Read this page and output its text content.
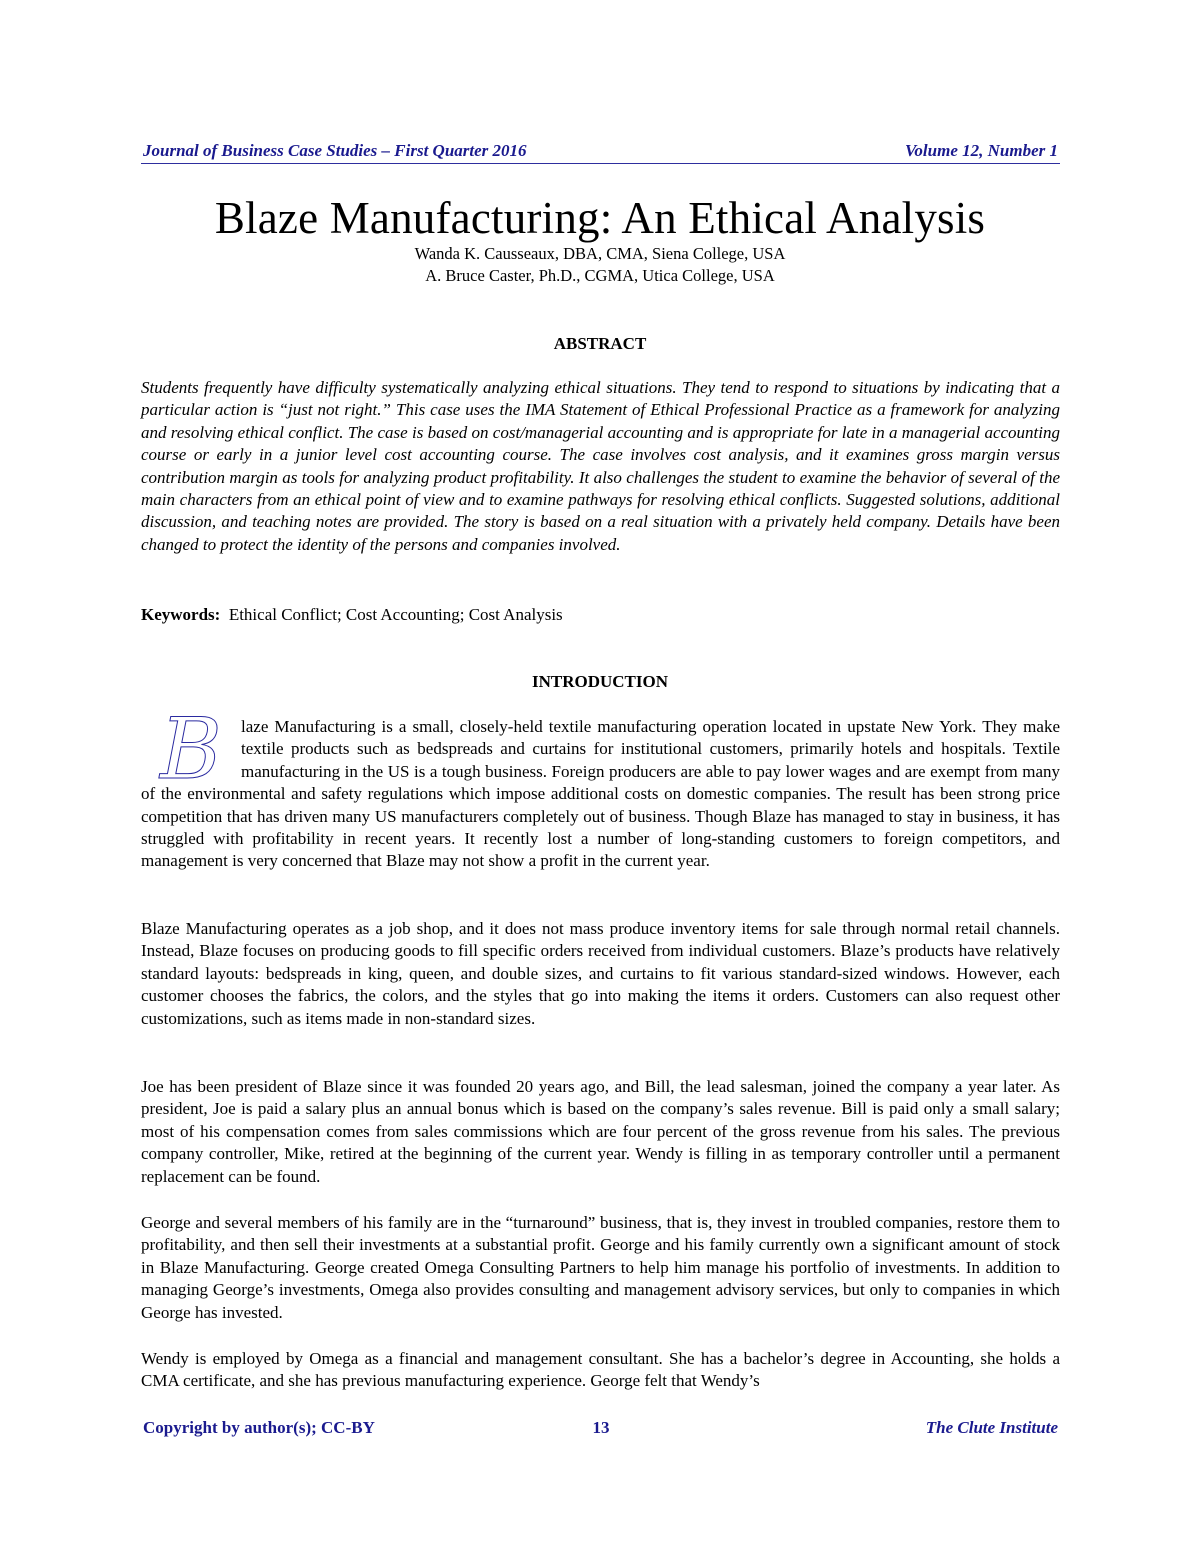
Journal of Business Case Studies – First Quarter 2016	Volume 12, Number 1
Blaze Manufacturing: An Ethical Analysis
Wanda K. Causseaux, DBA, CMA, Siena College, USA
A. Bruce Caster, Ph.D., CGMA, Utica College, USA
ABSTRACT

Students frequently have difficulty systematically analyzing ethical situations. They tend to respond to situations by indicating that a particular action is “just not right.” This case uses the IMA Statement of Ethical Professional Practice as a framework for analyzing and resolving ethical conflict. The case is based on cost/managerial accounting and is appropriate for late in a managerial accounting course or early in a junior level cost accounting course. The case involves cost analysis, and it examines gross margin versus contribution margin as tools for analyzing product profitability. It also challenges the student to examine the behavior of several of the main characters from an ethical point of view and to examine pathways for resolving ethical conflicts. Suggested solutions, additional discussion, and teaching notes are provided. The story is based on a real situation with a privately held company. Details have been changed to protect the identity of the persons and companies involved.

Keywords: Ethical Conflict; Cost Accounting; Cost Analysis
INTRODUCTION
B	laze Manufacturing is a small, closely-held textile manufacturing operation located in upstate New York. They make textile products such as bedspreads and curtains for institutional customers, primarily hotels and hospitals. Textile manufacturing in the US is a tough business. Foreign producers are able to pay lower wages and are exempt from many of the environmental and safety regulations which impose additional costs on domestic companies. The result has been strong price competition that has driven many US manufacturers completely out of business. Though Blaze has managed to stay in business, it has struggled with profitability in recent years. It recently lost a number of long-standing customers to foreign competitors, and management is very concerned that Blaze may not show a profit in the current year.

Blaze Manufacturing operates as a job shop, and it does not mass produce inventory items for sale through normal retail channels. Instead, Blaze focuses on producing goods to fill specific orders received from individual customers. Blaze’s products have relatively standard layouts: bedspreads in king, queen, and double sizes, and curtains to fit various standard-sized windows. However, each customer chooses the fabrics, the colors, and the styles that go into making the items it orders. Customers can also request other customizations, such as items made in non-standard sizes.

Joe has been president of Blaze since it was founded 20 years ago, and Bill, the lead salesman, joined the company a year later. As president, Joe is paid a salary plus an annual bonus which is based on the company’s sales revenue. Bill is paid only a small salary; most of his compensation comes from sales commissions which are four percent of the gross revenue from his sales. The previous company controller, Mike, retired at the beginning of the current year. Wendy is filling in as temporary controller until a permanent replacement can be found.

George and several members of his family are in the “turnaround” business, that is, they invest in troubled companies, restore them to profitability, and then sell their investments at a substantial profit. George and his family currently own a significant amount of stock in Blaze Manufacturing. George created Omega Consulting Partners to help him manage his portfolio of investments. In addition to managing George’s investments, Omega also provides consulting and management advisory services, but only to companies in which George has invested.

Wendy is employed by Omega as a financial and management consultant. She has a bachelor’s degree in Accounting, she holds a CMA certificate, and she has previous manufacturing experience. George felt that Wendy’s

Copyright by author(s); CC-BY	13	The Clute Institute
